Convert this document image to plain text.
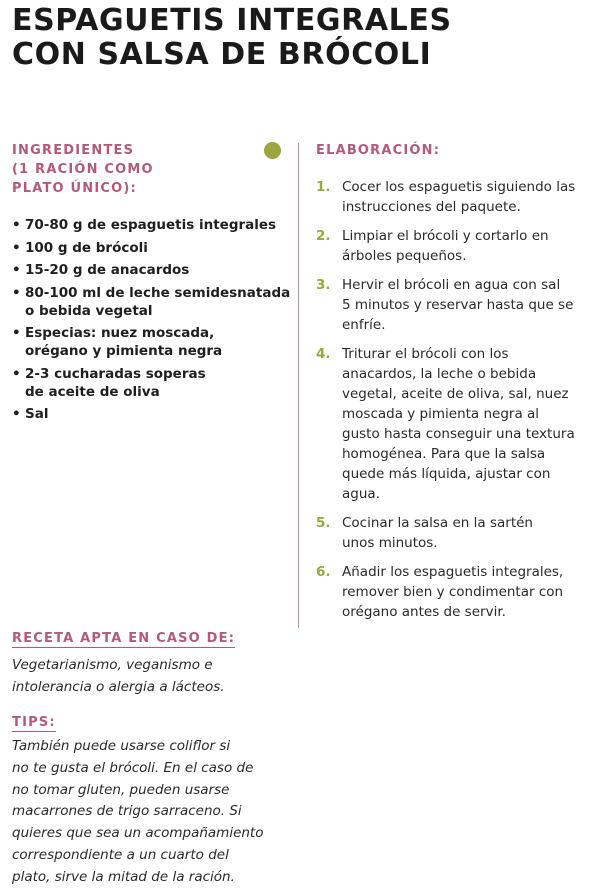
ESPAGUETIS INTEGRALES
CON SALSA DE BRÓCOLI
INGREDIENTES
(1 RACIÓN COMO
PLATO ÚNICO):
• 70-80 g de espaguetis integrales
• 100 g de brócoli
• 15-20 g de anacardos
• 80-100 ml de leche semidesnatada
o bebida vegetal
• Especias: nuez moscada,
orégano y pimienta negra
• 2-3 cucharadas soperas
de aceite de oliva
• Sal
ELABORACIÓN:
1. Cocer los espaguetis siguiendo las
instrucciones del paquete.
2. Limpiar el brócoli y cortarlo en
árboles pequeños.
3. Hervir el brócoli en agua con sal
5 minutos y reservar hasta que se
enfríe.
4. Triturar el brócoli con los
anacardos, la leche o bebida
vegetal, aceite de oliva, sal, nuez
moscada y pimienta negra al
gusto hasta conseguir una textura
homogénea. Para que la salsa
quede más líquida, ajustar con
agua.
5. Cocinar la salsa en la sartén
unos minutos.
6. Añadir los espaguetis integrales,
remover bien y condimentar con
orégano antes de servir.
RECETA APTA EN CASO DE:

Vegetarianismo, veganismo e
intolerancia o alergia a lácteos.

TIPS:

También puede usarse coliflor si
no te gusta el brócoli. En el caso de
no tomar gluten, pueden usarse
macarrones de trigo sarraceno. Si
quieres que sea un acompañamiento
correspondiente a un cuarto del
plato, sirve la mitad de la ración.
